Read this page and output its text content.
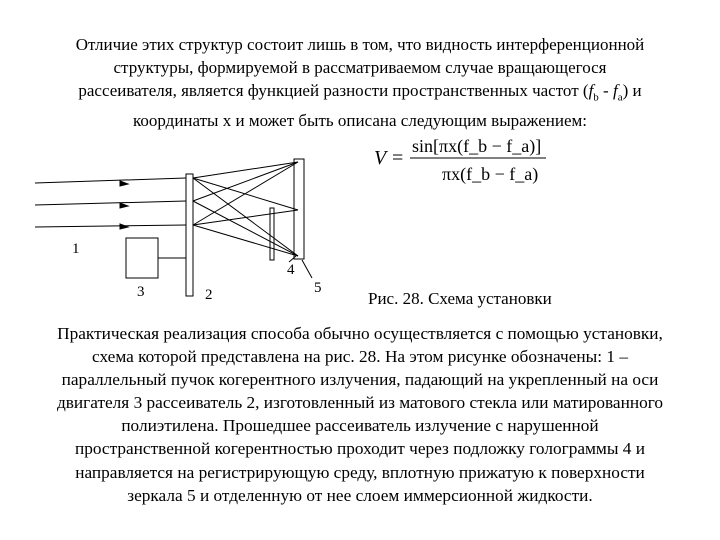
Отличие этих структур состоит лишь в том, что видность интерференционной
структуры, формируемой в рассматриваемом случае вращающегося
рассеивателя, является функцией разности пространственных частот $(f_b - f_a)$ и
координаты x и может быть описана следующим выражением:
V =
sin[πx(f_b − f_a)]
πx(f_b − f_a)
1
2
3
4
5
Рис. 28. Схема установки
Практическая реализация способа обычно осуществляется с помощью установки,
схема которой представлена на рис. 28. На этом рисунке обозначены: 1 –
параллельный пучок когерентного излучения, падающий на укрепленный на оси
двигателя 3 рассеиватель 2, изготовленный из матового стекла или матированного
полиэтилена. Прошедшее рассеиватель излучение с нарушенной
пространственной когерентностью проходит через подложку голограммы 4 и
направляется на регистрирующую среду, вплотную прижатую к поверхности
зеркала 5 и отделенную от нее слоем иммерсионной жидкости.
